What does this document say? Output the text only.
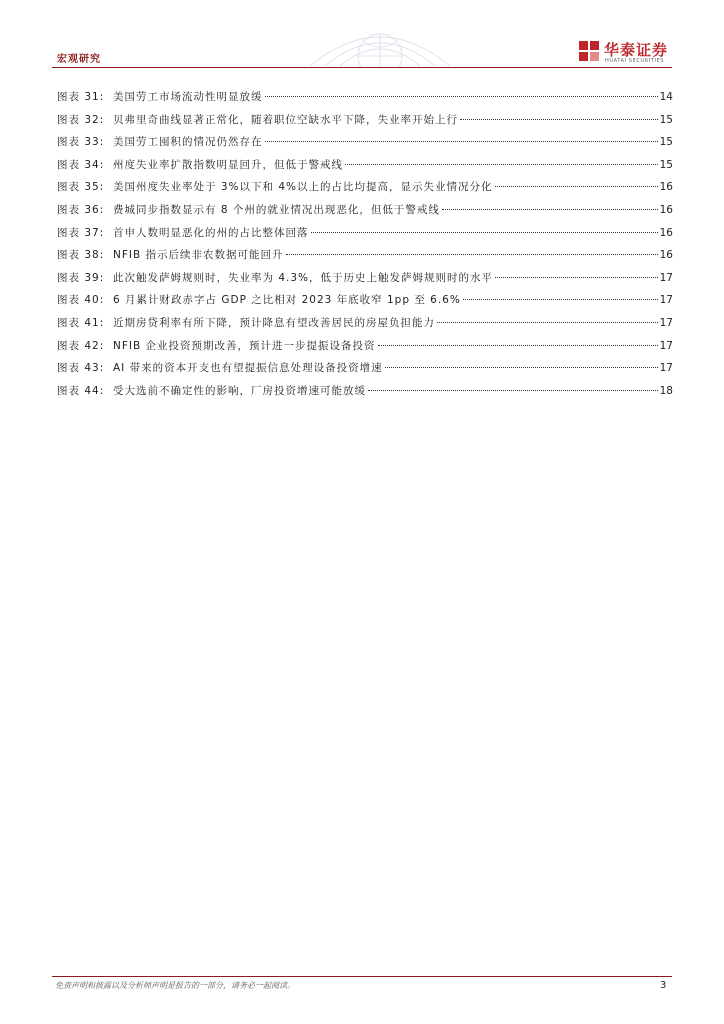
宏观研究
华泰证券
HUATAI SECURITIES
图表 31: 美国劳工市场流动性明显放缓	14
图表 32: 贝弗里奇曲线显著正常化，随着职位空缺水平下降，失业率开始上行	15
图表 33: 美国劳工囤积的情况仍然存在	15
图表 34: 州度失业率扩散指数明显回升，但低于警戒线	15
图表 35: 美国州度失业率处于 3%以下和 4%以上的占比均提高，显示失业情况分化	16
图表 36: 费城同步指数显示有 8 个州的就业情况出现恶化，但低于警戒线	16
图表 37: 首申人数明显恶化的州的占比整体回落	16
图表 38: NFIB 指示后续非农数据可能回升	16
图表 39: 此次触发萨姆规则时，失业率为 4.3%，低于历史上触发萨姆规则时的水平	17
图表 40: 6 月累计财政赤字占 GDP 之比相对 2023 年底收窄 1pp 至 6.6%	17
图表 41: 近期房贷利率有所下降，预计降息有望改善居民的房屋负担能力	17
图表 42: NFIB 企业投资预期改善，预计进一步提振设备投资	17
图表 43: AI 带来的资本开支也有望提振信息处理设备投资增速	17
图表 44: 受大选前不确定性的影响，厂房投资增速可能放缓	18
免责声明和披露以及分析师声明是报告的一部分，请务必一起阅读。	3
